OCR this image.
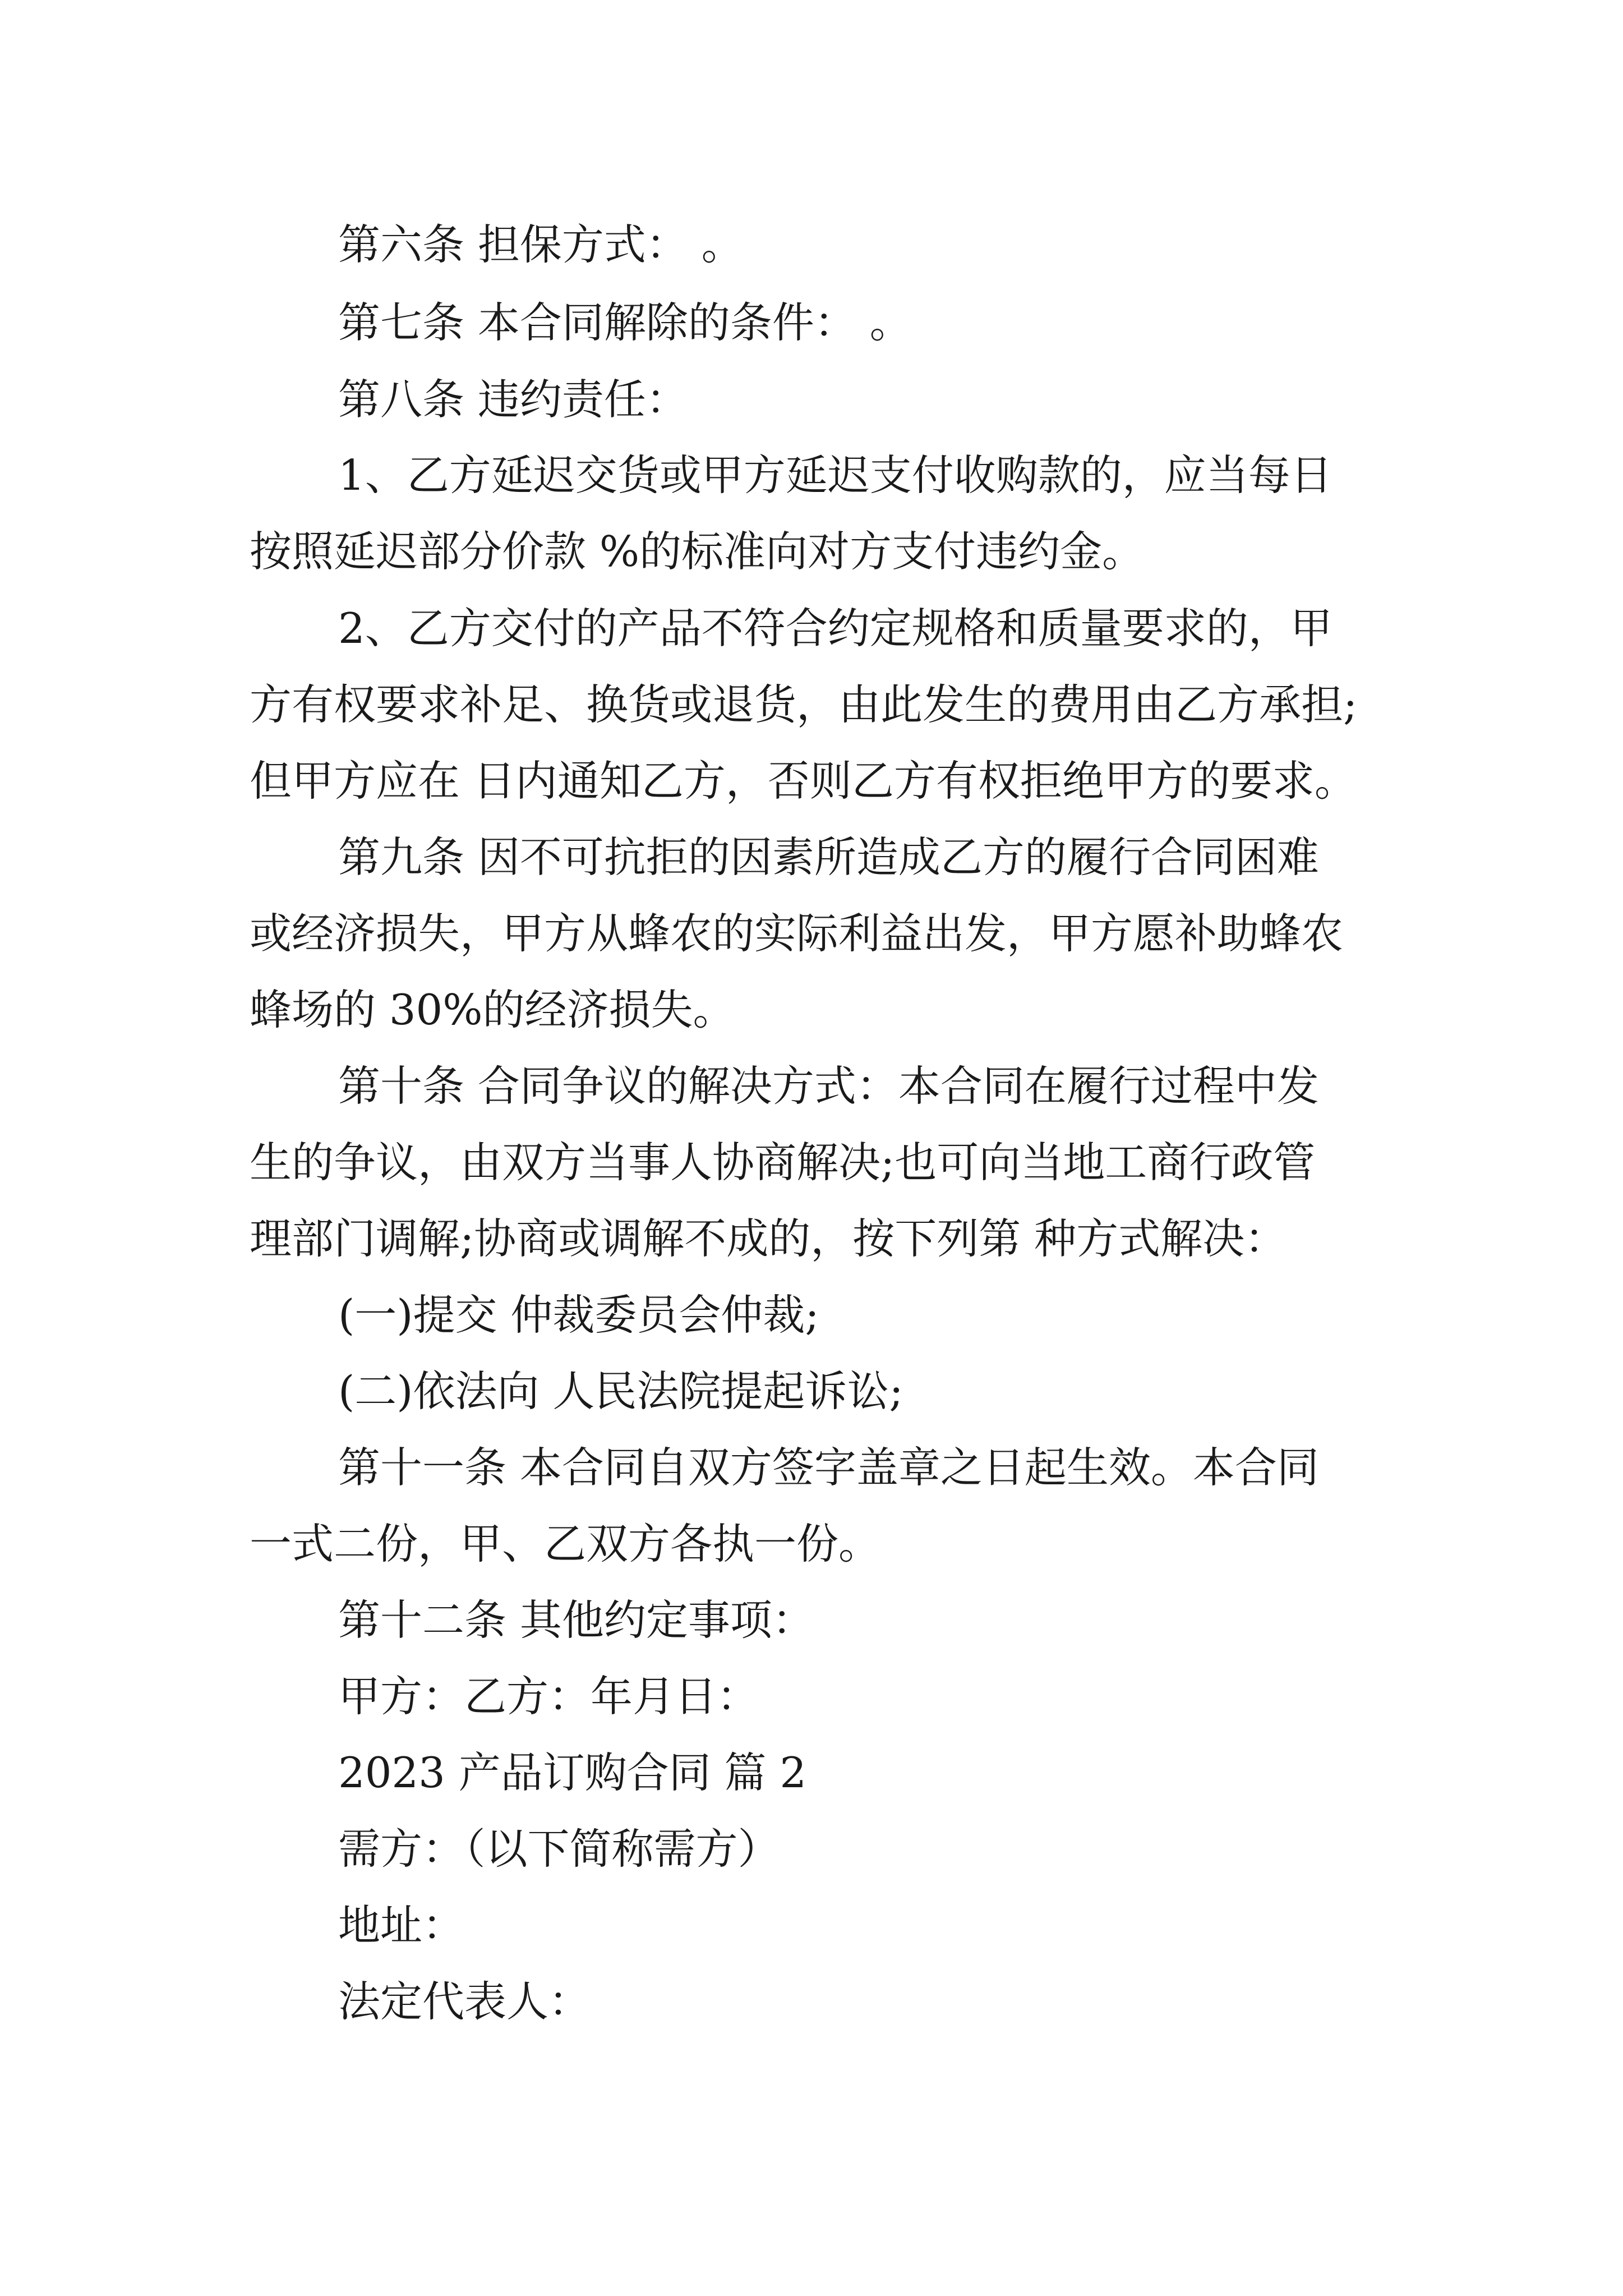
第六条 担保方式： 。
第七条 本合同解除的条件： 。
第八条 违约责任：
1、乙方延迟交货或甲方延迟支付收购款的，应当每日
按照延迟部分价款 %的标准向对方支付违约金。
2、乙方交付的产品不符合约定规格和质量要求的，甲
方有权要求补足、换货或退货，由此发生的费用由乙方承担;
但甲方应在 日内通知乙方，否则乙方有权拒绝甲方的要求。
第九条 因不可抗拒的因素所造成乙方的履行合同困难
或经济损失，甲方从蜂农的实际利益出发，甲方愿补助蜂农
蜂场的 30%的经济损失。
第十条 合同争议的解决方式：本合同在履行过程中发
生的争议，由双方当事人协商解决;也可向当地工商行政管
理部门调解;协商或调解不成的，按下列第 种方式解决：
(一)提交 仲裁委员会仲裁;
(二)依法向 人民法院提起诉讼;
第十一条 本合同自双方签字盖章之日起生效。本合同
一式二份，甲、乙双方各执一份。
第十二条 其他约定事项：
甲方：乙方：年月日：
2023 产品订购合同 篇 2
需方：（以下简称需方）
地址：
法定代表人：
